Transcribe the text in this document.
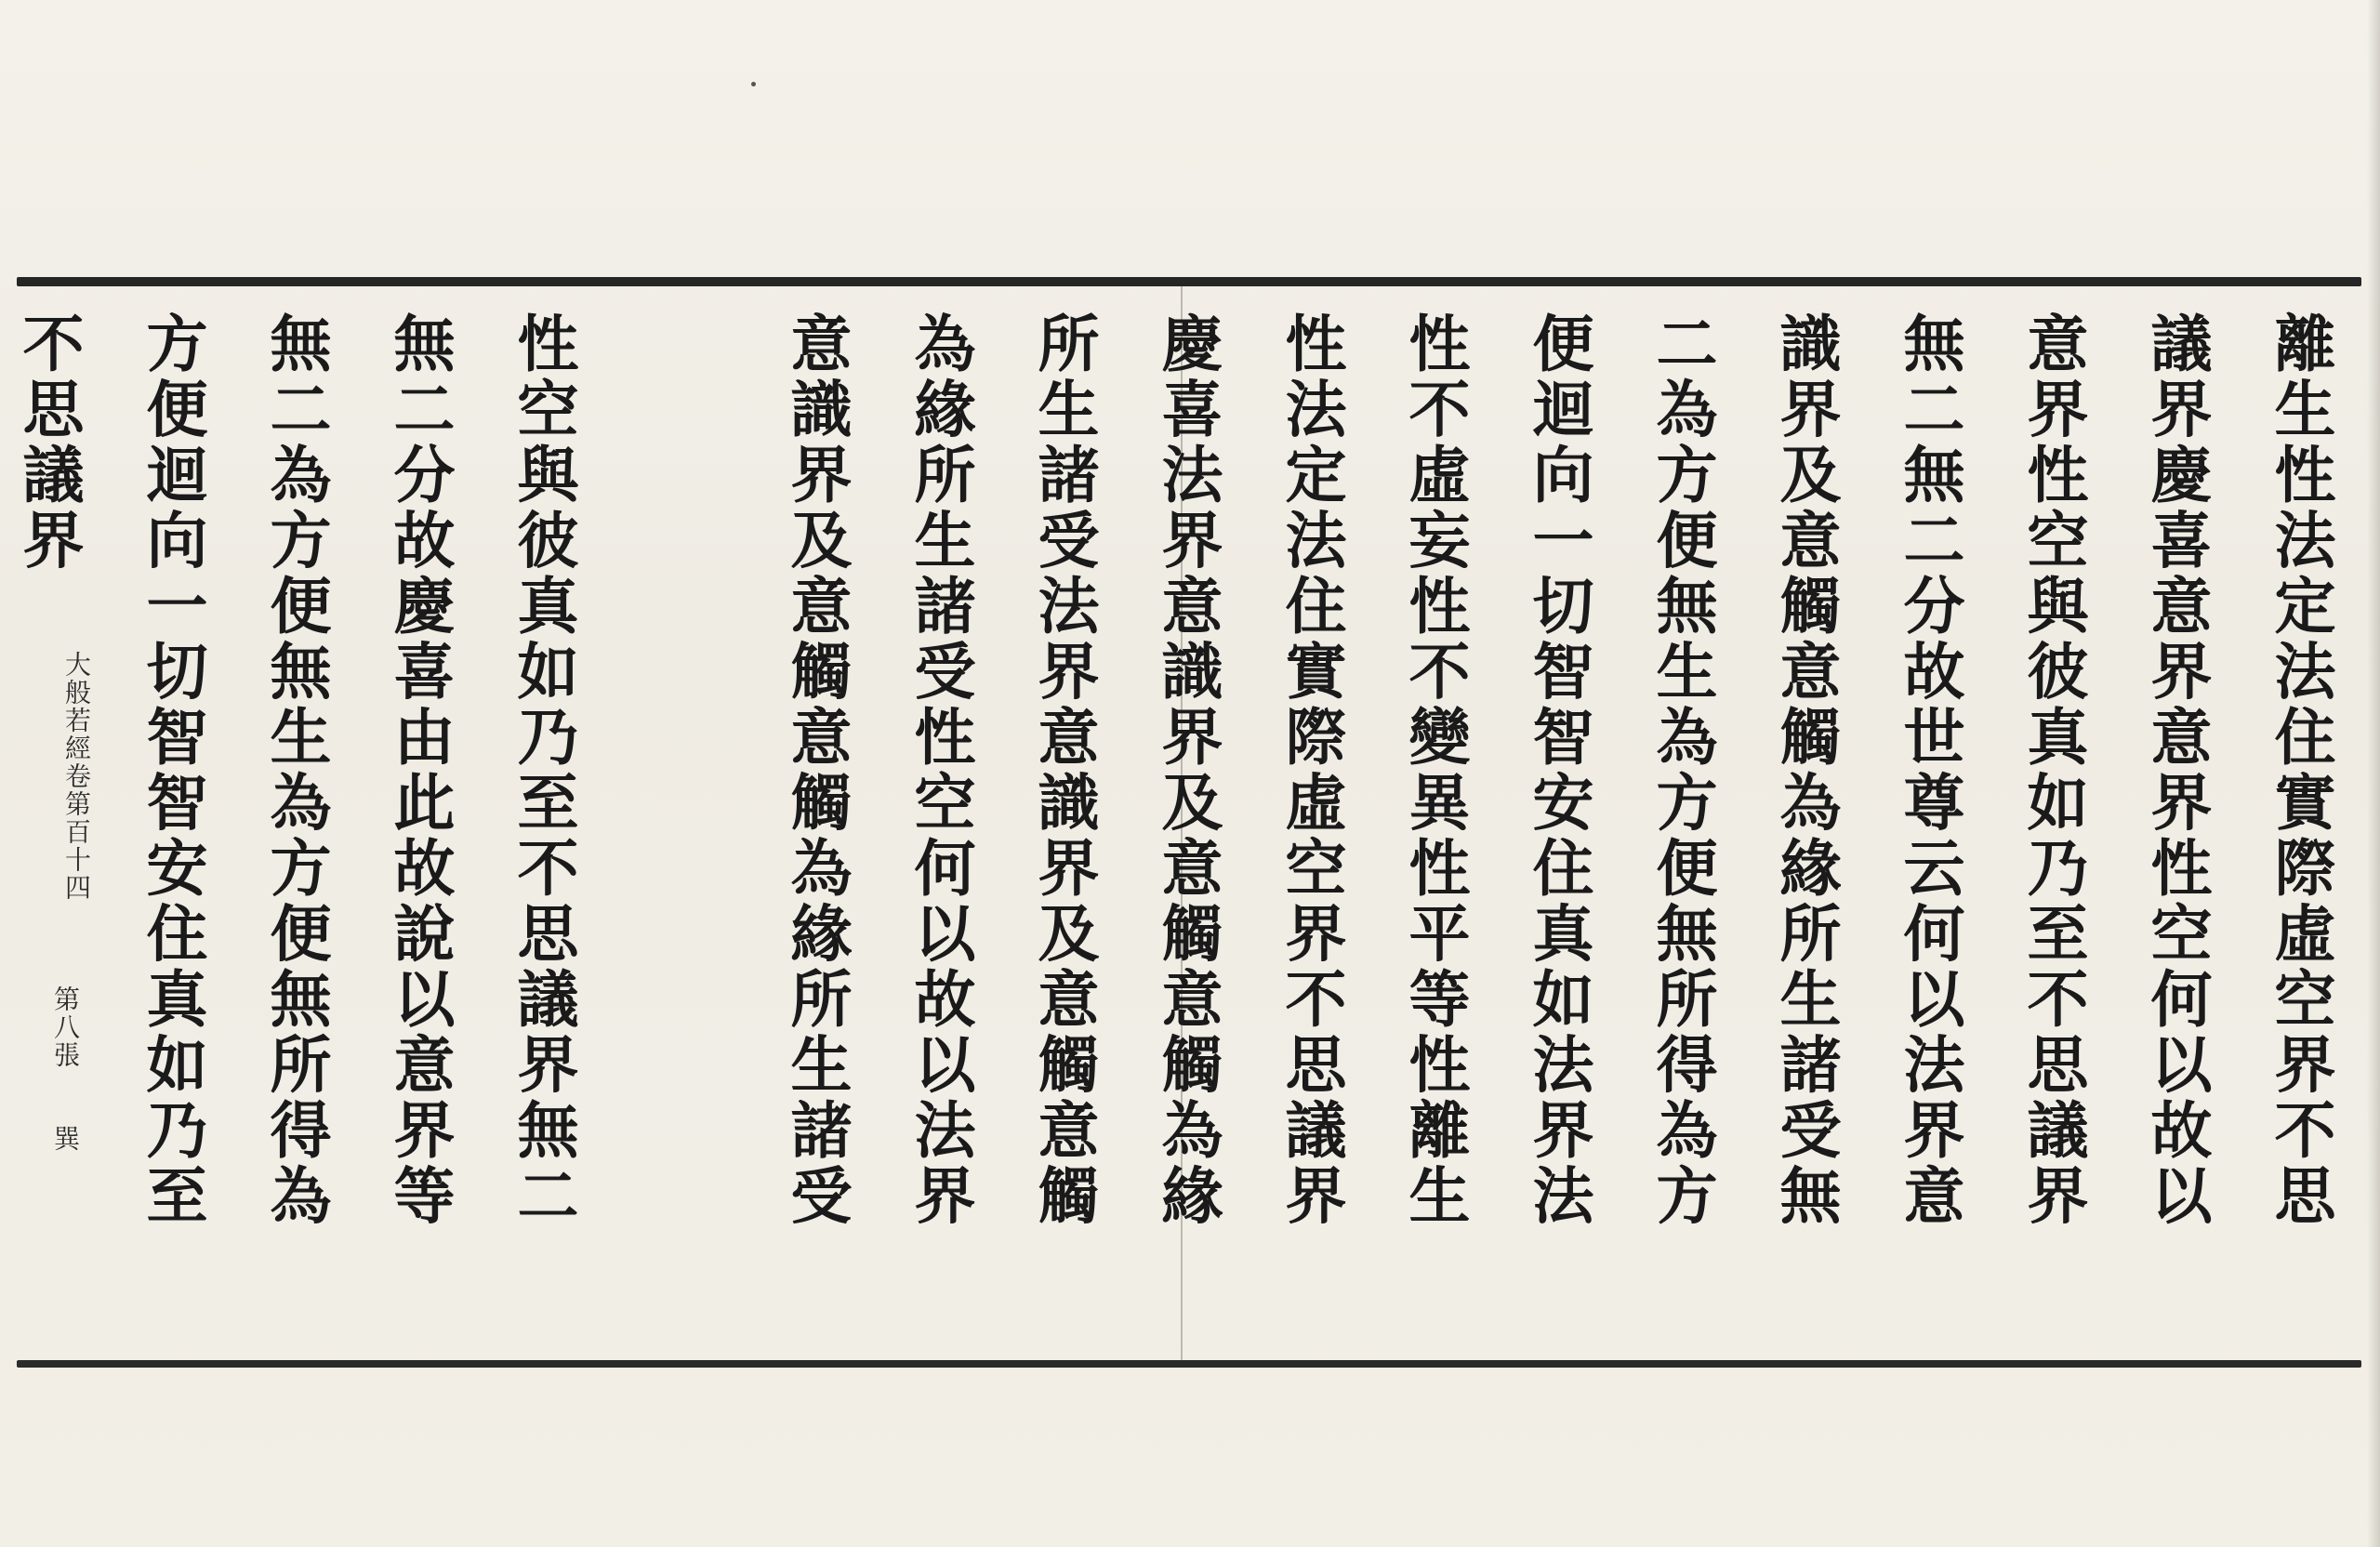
離生性法定法住實際虛空界不思
議界慶喜意界意界性空何以故以
意界性空與彼真如乃至不思議界
無二無二分故世尊云何以法界意
識界及意觸意觸為緣所生諸受無
二為方便無生為方便無所得為方
便迴向一切智智安住真如法界法
性不虛妄性不變異性平等性離生
性法定法住實際虛空界不思議界
慶喜法界意識界及意觸意觸為緣
所生諸受法界意識界及意觸意觸
為緣所生諸受性空何以故以法界
意識界及意觸意觸為緣所生諸受
性空與彼真如乃至不思議界無二
無二分故慶喜由此故說以意界等
無二為方便無生為方便無所得為
方便迴向一切智智安住真如乃至
不思議界
大般若經卷第百十四
第八張
巽
